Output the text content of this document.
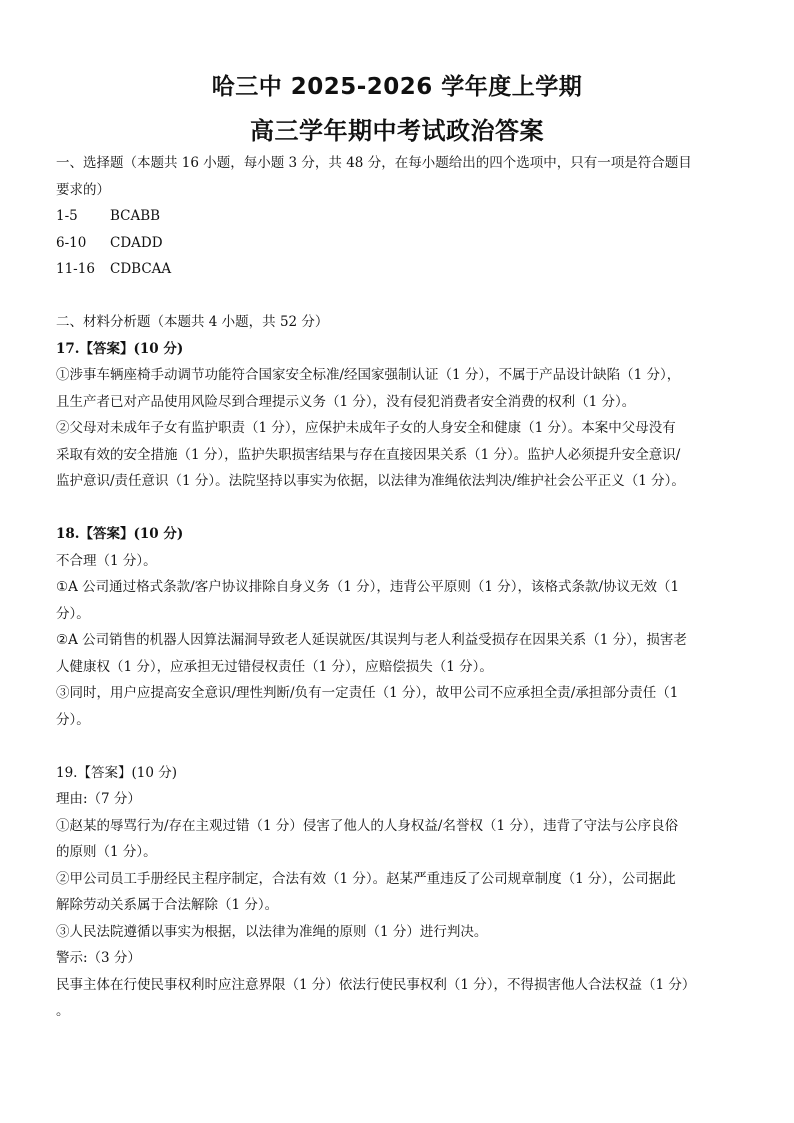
哈三中 2025-2026 学年度上学期
高三学年期中考试政治答案
一、选择题（本题共 16 小题，每小题 3 分，共 48 分，在每小题给出的四个选项中，只有一项是符合题目
要求的）
1-5	BCABB
6-10	CDADD
11-16	CDBCAA
二、材料分析题（本题共 4 小题，共 52 分）
17.【答案】(10 分)
①涉事车辆座椅手动调节功能符合国家安全标准/经国家强制认证（1 分），不属于产品设计缺陷（1 分），
且生产者已对产品使用风险尽到合理提示义务（1 分），没有侵犯消费者安全消费的权利（1 分）。
②父母对未成年子女有监护职责（1 分），应保护未成年子女的人身安全和健康（1 分）。本案中父母没有
采取有效的安全措施（1 分），监护失职损害结果与存在直接因果关系（1 分）。监护人必须提升安全意识/
监护意识/责任意识（1 分）。法院坚持以事实为依据，以法律为准绳依法判决/维护社会公平正义（1 分）。
18.【答案】(10 分)
不合理（1 分）。
①A 公司通过格式条款/客户协议排除自身义务（1 分），违背公平原则（1 分），该格式条款/协议无效（1
分）。
②A 公司销售的机器人因算法漏洞导致老人延误就医/其误判与老人利益受损存在因果关系（1 分），损害老
人健康权（1 分），应承担无过错侵权责任（1 分），应赔偿损失（1 分）。
③同时，用户应提高安全意识/理性判断/负有一定责任（1 分），故甲公司不应承担全责/承担部分责任（1
分）。
19.【答案】(10 分)
理由:（7 分）
①赵某的辱骂行为/存在主观过错（1 分）侵害了他人的人身权益/名誉权（1 分），违背了守法与公序良俗
的原则（1 分）。
②甲公司员工手册经民主程序制定，合法有效（1 分）。赵某严重违反了公司规章制度（1 分），公司据此
解除劳动关系属于合法解除（1 分）。
③人民法院遵循以事实为根据，以法律为准绳的原则（1 分）进行判决。
警示:（3 分）
民事主体在行使民事权利时应注意界限（1 分）依法行使民事权利（1 分），不得损害他人合法权益（1 分）
。
